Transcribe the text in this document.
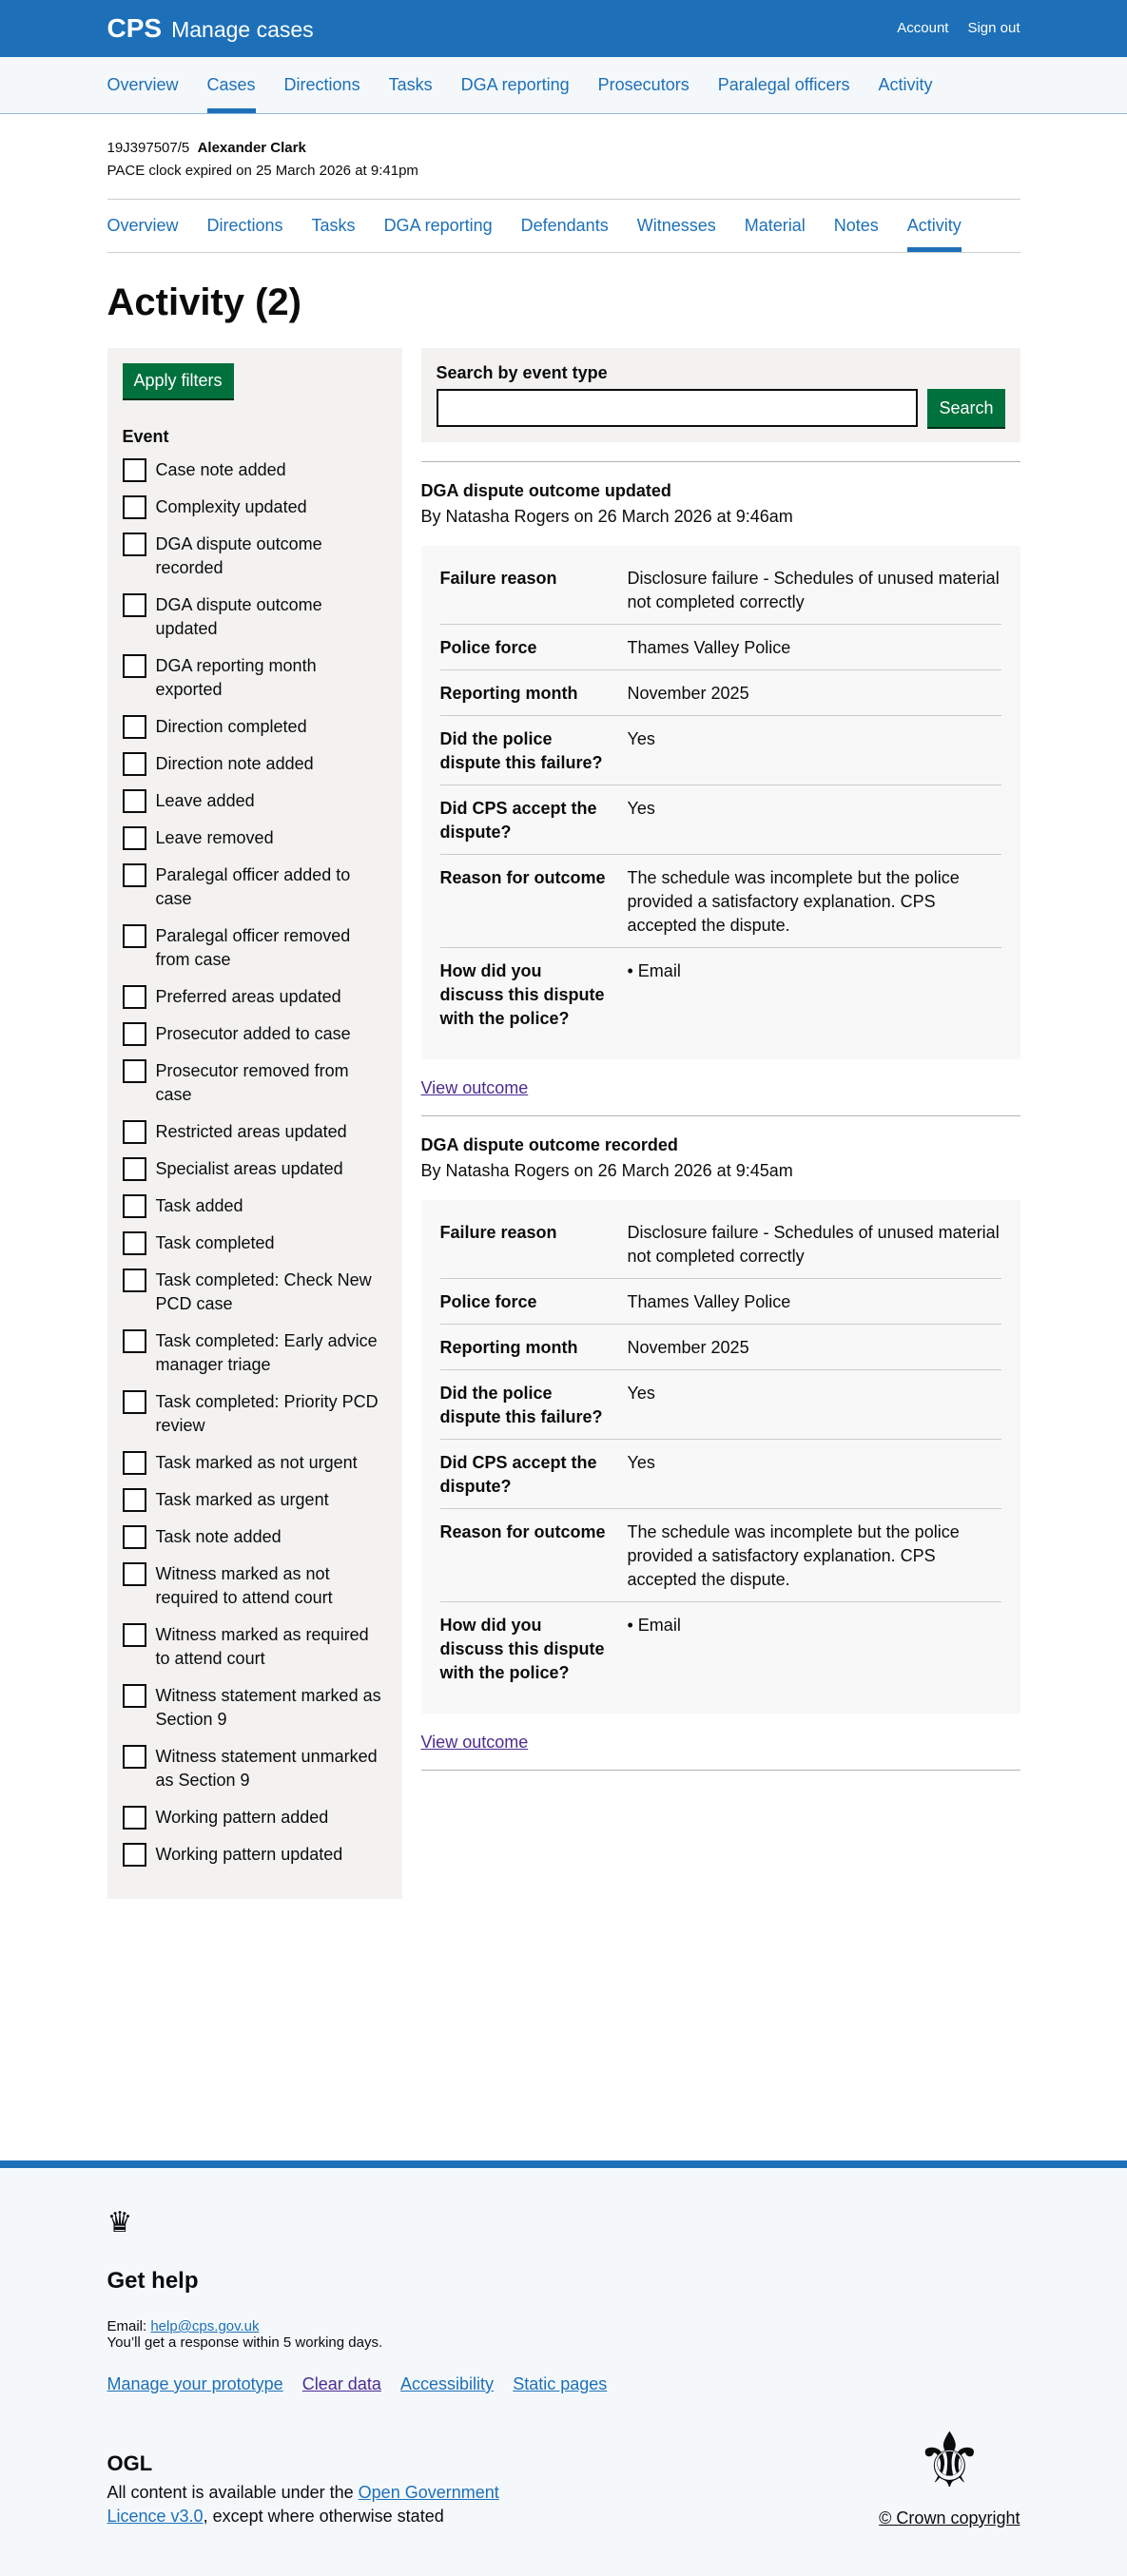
CPS Manage cases	Account Sign out
Overview Cases Directions Tasks DGA reporting Prosecutors Paralegal officers Activity
19J397507/5 Alexander Clark
PACE clock expired on 25 March 2026 at 9:41pm
Overview Directions Tasks DGA reporting Defendants Witnesses Material Notes Activity
Activity (2)
Apply filters
Event
Case note added
Complexity updated
DGA dispute outcome recorded
DGA dispute outcome updated
DGA reporting month exported
Direction completed
Direction note added
Leave added
Leave removed
Paralegal officer added to case
Paralegal officer removed from case
Preferred areas updated
Prosecutor added to case
Prosecutor removed from case
Restricted areas updated
Specialist areas updated
Task added
Task completed
Task completed: Check New PCD case
Task completed: Early advice manager triage
Task completed: Priority PCD review
Task marked as not urgent
Task marked as urgent
Task note added
Witness marked as not required to attend court
Witness marked as required to attend court
Witness statement marked as Section 9
Witness statement unmarked as Section 9
Working pattern added
Working pattern updated
Search by event type
Search
DGA dispute outcome updated
By Natasha Rogers on 26 March 2026 at 9:46am
Failure reason	Disclosure failure - Schedules of unused material not completed correctly
Police force	Thames Valley Police
Reporting month	November 2025
Did the police dispute this failure?
Yes
Did CPS accept the dispute?
Yes
Reason for outcome	The schedule was incomplete but the police provided a satisfactory explanation. CPS accepted the dispute.
How did you discuss this dispute with the police?
• Email
View outcome
DGA dispute outcome recorded
By Natasha Rogers on 26 March 2026 at 9:45am
Failure reason	Disclosure failure - Schedules of unused material not completed correctly
Police force	Thames Valley Police
Reporting month	November 2025
Did the police dispute this failure?
Yes
Did CPS accept the dispute?
Yes
Reason for outcome	The schedule was incomplete but the police provided a satisfactory explanation. CPS accepted the dispute.
How did you discuss this dispute with the police?
• Email
View outcome
♛
Get help
Email: help@cps.gov.uk
You’ll get a response within 5 working days.
Manage your prototype Clear data Accessibility Static pages
OGL
All content is available under the Open Government Licence v3.0, except where otherwise stated
⚜
© Crown copyright
